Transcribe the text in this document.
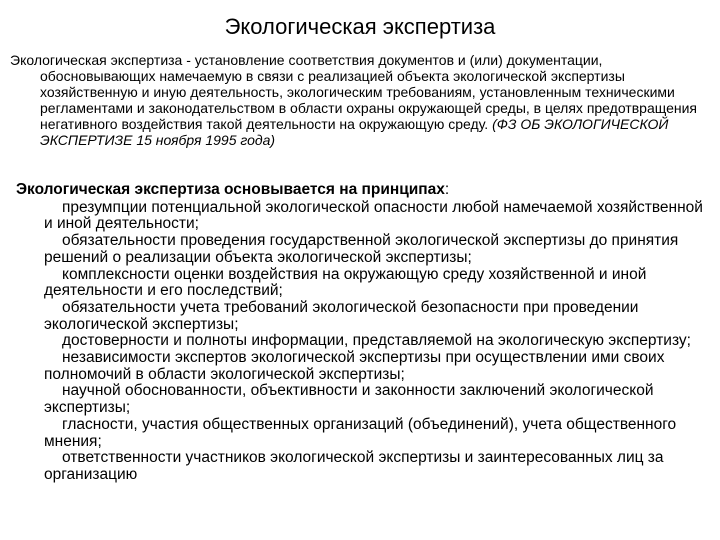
Экологическая экспертиза
Экологическая экспертиза - установление соответствия документов и (или) документации, обосновывающих намечаемую в связи с реализацией объекта экологической экспертизы хозяйственную и иную деятельность, экологическим требованиям, установленным техническими регламентами и законодательством в области охраны окружающей среды, в целях предотвращения негативного воздействия такой деятельности на окружающую среду. (ФЗ ОБ ЭКОЛОГИЧЕСКОЙ ЭКСПЕРТИЗЕ 15 ноября 1995 года)
Экологическая экспертиза основывается на принципах:
презумпции потенциальной экологической опасности любой намечаемой хозяйственной и иной деятельности;
обязательности проведения государственной экологической экспертизы до принятия решений о реализации объекта экологической экспертизы;
комплексности оценки воздействия на окружающую среду хозяйственной и иной деятельности и его последствий;
обязательности учета требований экологической безопасности при проведении экологической экспертизы;
достоверности и полноты информации, представляемой на экологическую экспертизу;
независимости экспертов экологической экспертизы при осуществлении ими своих полномочий в области экологической экспертизы;
научной обоснованности, объективности и законности заключений экологической экспертизы;
гласности, участия общественных организаций (объединений), учета общественного мнения;
ответственности участников экологической экспертизы и заинтересованных лиц за организацию
